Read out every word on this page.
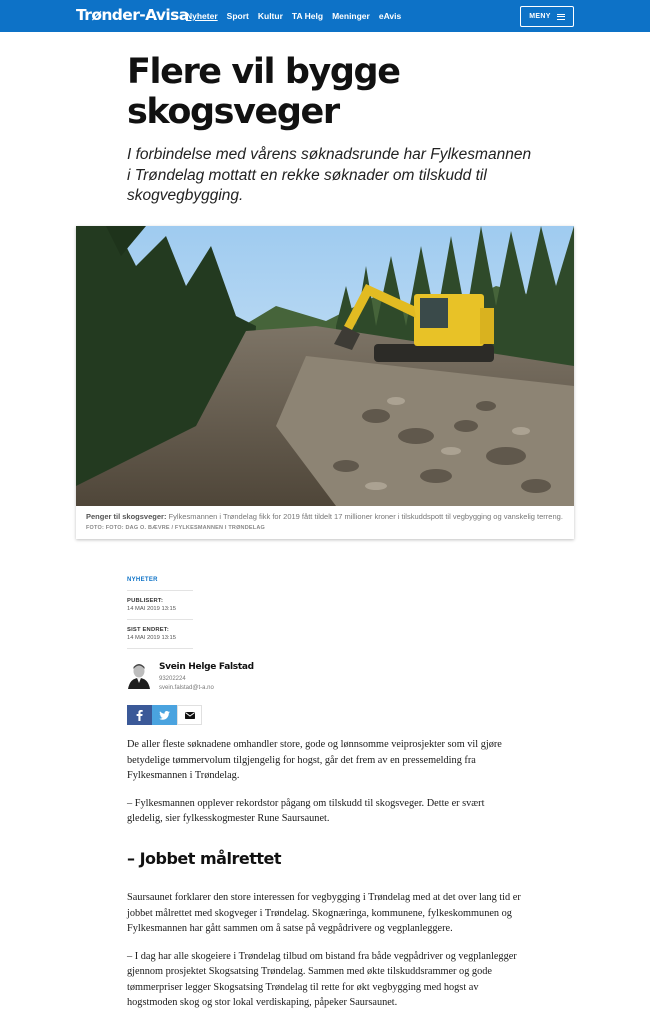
Trønder-Avisa
Nyheter Sport Kultur TA Helg Meninger eAvis	MENY
Flere vil bygge skogsveger

I forbindelse med vårens søknadsrunde har Fylkesmannen i Trøndelag mottatt en rekke søknader om tilskudd til skogvegbygging.

Penger til skogsveger: Fylkesmannen i Trøndelag fikk for 2019 fått tildelt 17 millioner kroner i tilskuddspott til vegbygging og vanskelig terreng. FOTO: FOTO: DAG O. BÆVRE / FYLKESMANNEN I TRØNDELAG
NYHETER
PUBLISERT:
14 MAI 2019 13:15
SIST ENDRET:
14 MAI 2019 13:15
Svein Helge Falstad
93202224
svein.falstad@t-a.no

De aller fleste søknadene omhandler store, gode og lønnsomme veiprosjekter som vil gjøre betydelige tømmervolum tilgjengelig for hogst, går det frem av en pressemelding fra Fylkesmannen i Trøndelag.

– Fylkesmannen opplever rekordstor pågang om tilskudd til skogsveger. Dette er svært gledelig, sier fylkesskogmester Rune Saursaunet.

– Jobbet målrettet

Saursaunet forklarer den store interessen for vegbygging i Trøndelag med at det over lang tid er jobbet målrettet med skogveger i Trøndelag. Skognæringa, kommunene, fylkeskommunen og Fylkesmannen har gått sammen om å satse på vegpådrivere og vegplanleggere.

– I dag har alle skogeiere i Trøndelag tilbud om bistand fra både vegpådriver og vegplanlegger gjennom prosjektet Skogsatsing Trøndelag. Sammen med økte tilskuddsrammer og gode tømmerpriser legger Skogsatsing Trøndelag til rette for økt vegbygging med hogst av hogstmoden skog og stor lokal verdiskaping, påpeker Saursaunet.
